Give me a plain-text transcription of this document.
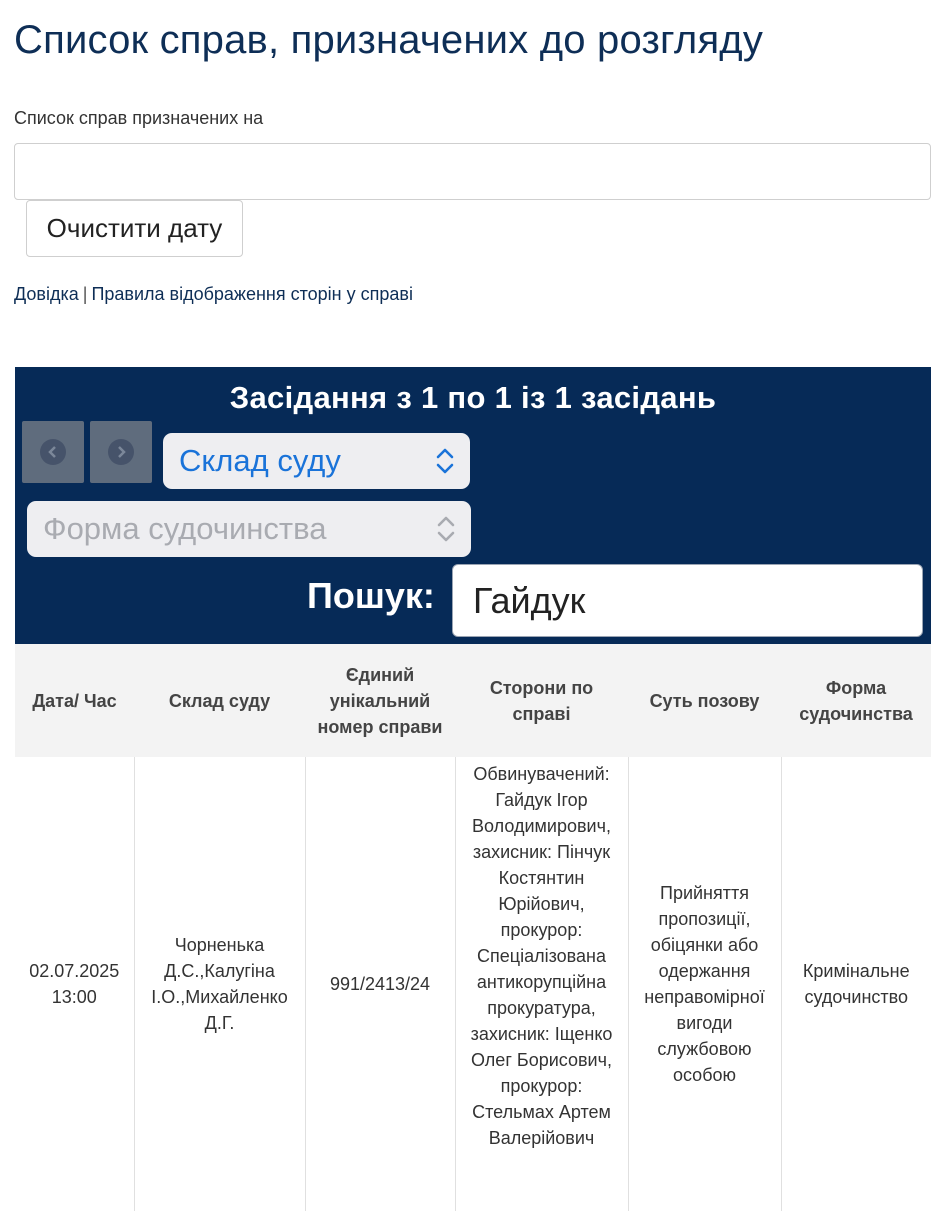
Список справ, призначених до розгляду
Список справ призначених на
Очистити дату
Довідка | Правила відображення сторін у справі
Засідання з 1 по 1 із 1 засідань
Склад суду
Форма судочинства
Пошук:	Гайдук
Дата/ Час	Склад суду	Єдиний унікальний номер справи	Сторони по справі	Суть позову	Форма судочинства
02.07.2025 13:00	Чорненька Д.С.,Калугіна І.О.,Михайленко Д.Г.	991/2413/24	Обвинувачений: Гайдук Ігор Володимирович, захисник: Пінчук Костянтин Юрійович, прокурор: Спеціалізована антикорупційна прокуратура, захисник: Іщенко Олег Борисович, прокурор: Стельмах Артем Валерійович	Прийняття пропозиції, обіцянки або одержання неправомірної вигоди службовою особою	Кримінальне судочинство
